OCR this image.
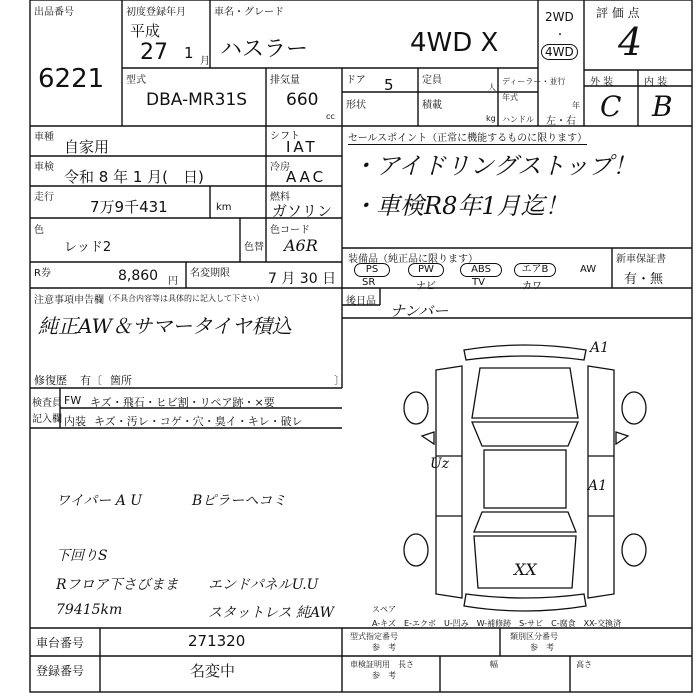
出品番号
6221
初度登録年月
平成
27 1 月
車名・グレード
ハスラー	4WD X
2WD
・
4WD
評 価 点
4
外 装	内 装
C B
型式
DBA-MR31S
排気量
660
cc
ドア 5
形状
定員
人
積載
kg
ディーラー・並行
年式
年
ハンドル 左・右
車種
自家用
車検
令和 8 年 1 月(　日)
走行
7万9千431	km
色
レッド2	色替
R券	8,860 円
名変期限	7 月 30 日
シフト
IAT
冷房
AAC
燃料
ガソリン
色コード
A6R
セールスポイント（正常に機能するものに限ります）
・アイドリングストップ！
・車検R8年1月迄！
装備品（純正品に限ります）
PS	PW	ABS	エアB	AW
SR	ナビ	TV	カワ
新車保証書
有・無
後日品
ナンバー
注意事項申告欄 （不具合内容等は具体的に記入して下さい）
純正AW＆サマータイヤ積込
修復歴 有〔 箇所	〕
検査員
記入欄
FW キズ・飛石・ヒビ割・リペア跡・×要
内装 キズ・汚レ・コゲ・穴・臭イ・キレ・破レ
ワイパー A U	Bピラーヘコミ
下回りS
Rフロア下さびまま エンドパネルU.U
79415km	スタットレス 純AW
A1
A1
Uz
XX
スペア
A-キズ　E-エクボ　U-凹み　W-補修跡　S-サビ　C-腐食　XX-交換済
車台番号	271320
登録番号	名変中
型式指定番号
参　考
類別区分番号
参　考
車検証明用
参　考
長さ	幅	高さ
